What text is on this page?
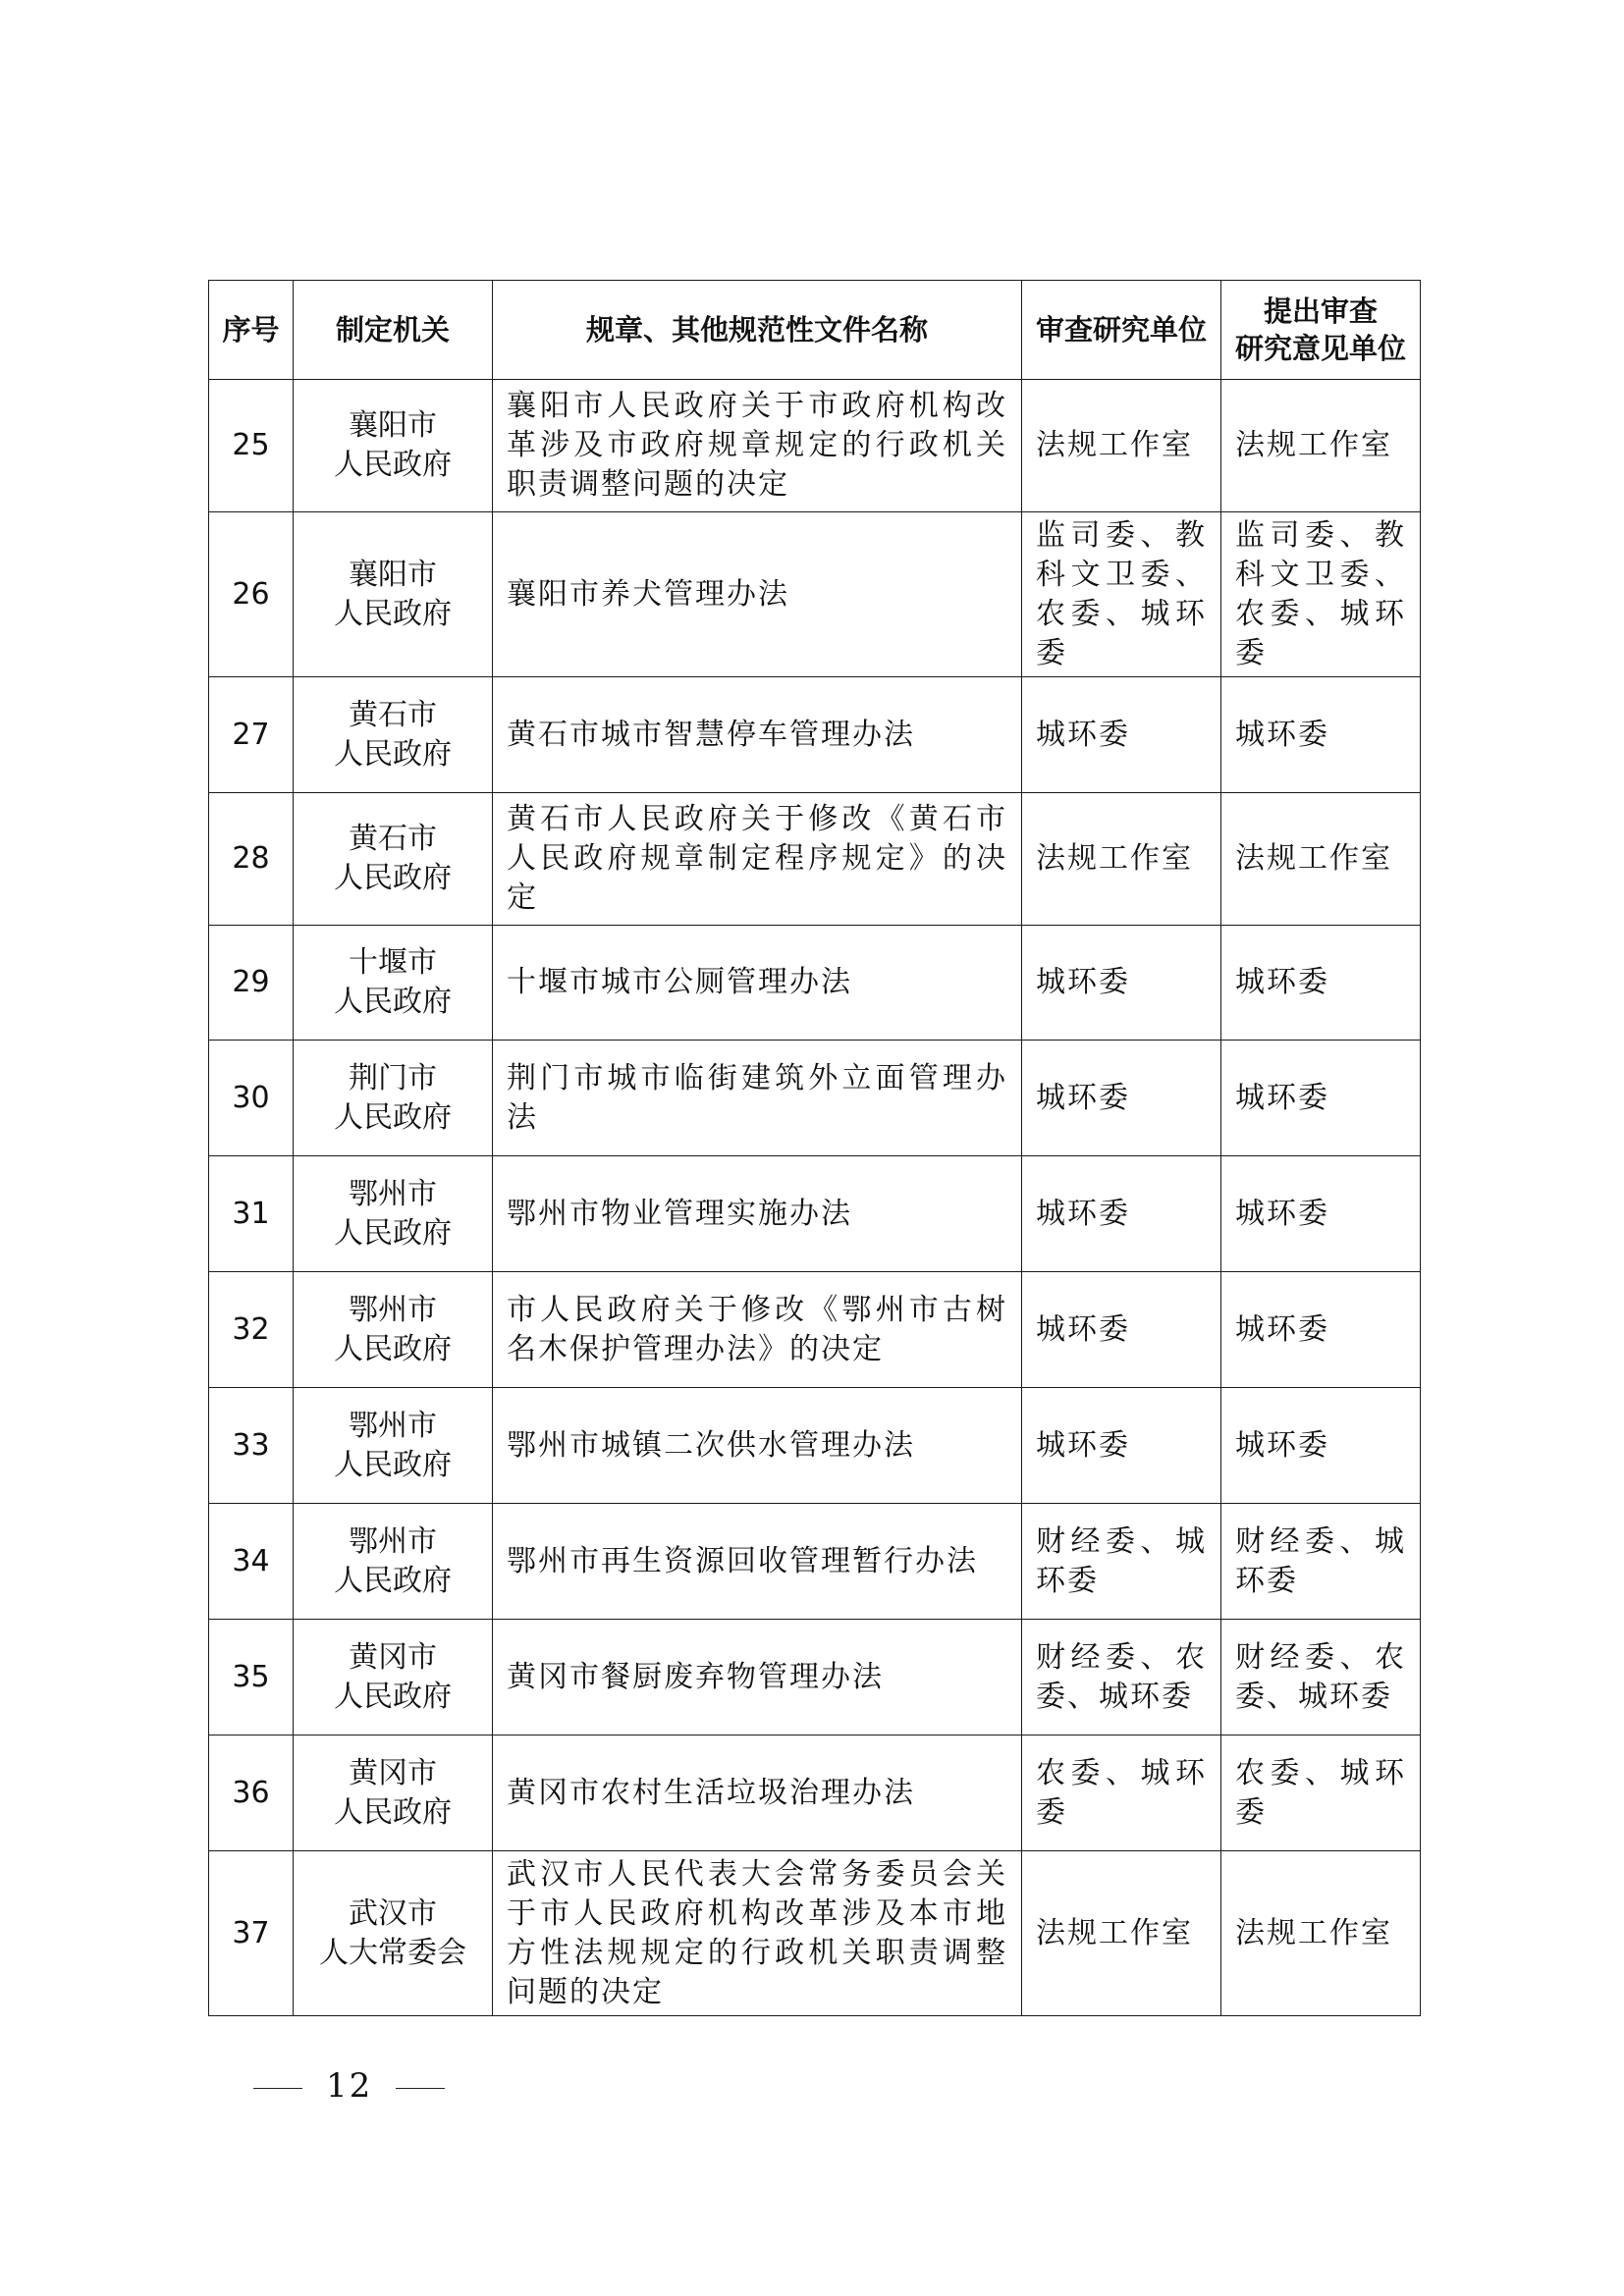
序号	制定机关	规章、其他规范性文件名称	审查研究单位	提出审查
研究意见单位

25	襄阳市
人民政府	襄阳市人民政府关于市政府机构改革涉及市政府规章规定的行政机关职责调整问题的决定	法规工作室	法规工作室
26	襄阳市
人民政府	襄阳市养犬管理办法	监司委、教科文卫委、农委、城环委	监司委、教科文卫委、农委、城环委
27	黄石市
人民政府	黄石市城市智慧停车管理办法	城环委	城环委
28	黄石市
人民政府	黄石市人民政府关于修改《黄石市人民政府规章制定程序规定》的决定	法规工作室	法规工作室
29	十堰市
人民政府	十堰市城市公厕管理办法	城环委	城环委
30	荆门市
人民政府	荆门市城市临街建筑外立面管理办法	城环委	城环委
31	鄂州市
人民政府	鄂州市物业管理实施办法	城环委	城环委
32	鄂州市
人民政府	市人民政府关于修改《鄂州市古树名木保护管理办法》的决定	城环委	城环委
33	鄂州市
人民政府	鄂州市城镇二次供水管理办法	城环委	城环委
34	鄂州市
人民政府	鄂州市再生资源回收管理暂行办法	财经委、城环委	财经委、城环委
35	黄冈市
人民政府	黄冈市餐厨废弃物管理办法	财经委、农委、城环委	财经委、农委、城环委
36	黄冈市
人民政府	黄冈市农村生活垃圾治理办法	农委、城环委	农委、城环委
37	武汉市
人大常委会	武汉市人民代表大会常务委员会关于市人民政府机构改革涉及本市地方性法规规定的行政机关职责调整问题的决定	法规工作室	法规工作室
12
